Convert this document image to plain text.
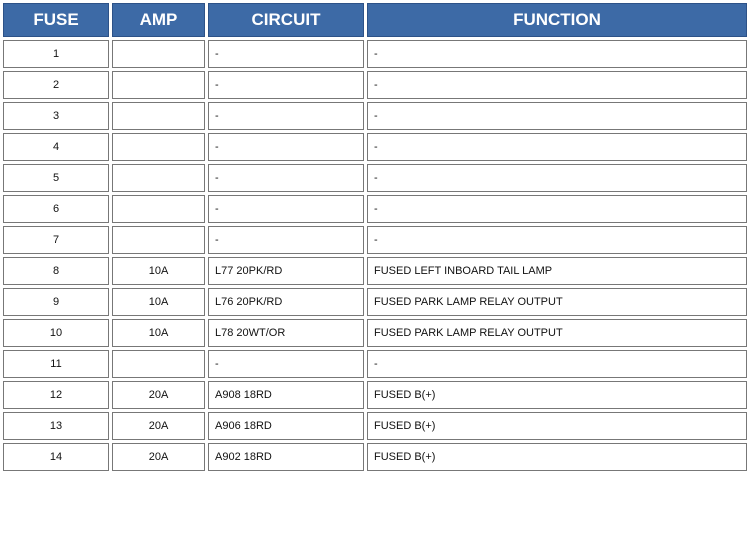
FUSE	AMP	CIRCUIT	FUNCTION
1		-	-
2		-	-
3		-	-
4		-	-
5		-	-
6		-	-
7		-	-
8	10A	L77 20PK/RD	FUSED LEFT INBOARD TAIL LAMP
9	10A	L76 20PK/RD	FUSED PARK LAMP RELAY OUTPUT
10	10A	L78 20WT/OR	FUSED PARK LAMP RELAY OUTPUT
11		-	-
12	20A	A908 18RD	FUSED B(+)
13	20A	A906 18RD	FUSED B(+)
14	20A	A902 18RD	FUSED B(+)
